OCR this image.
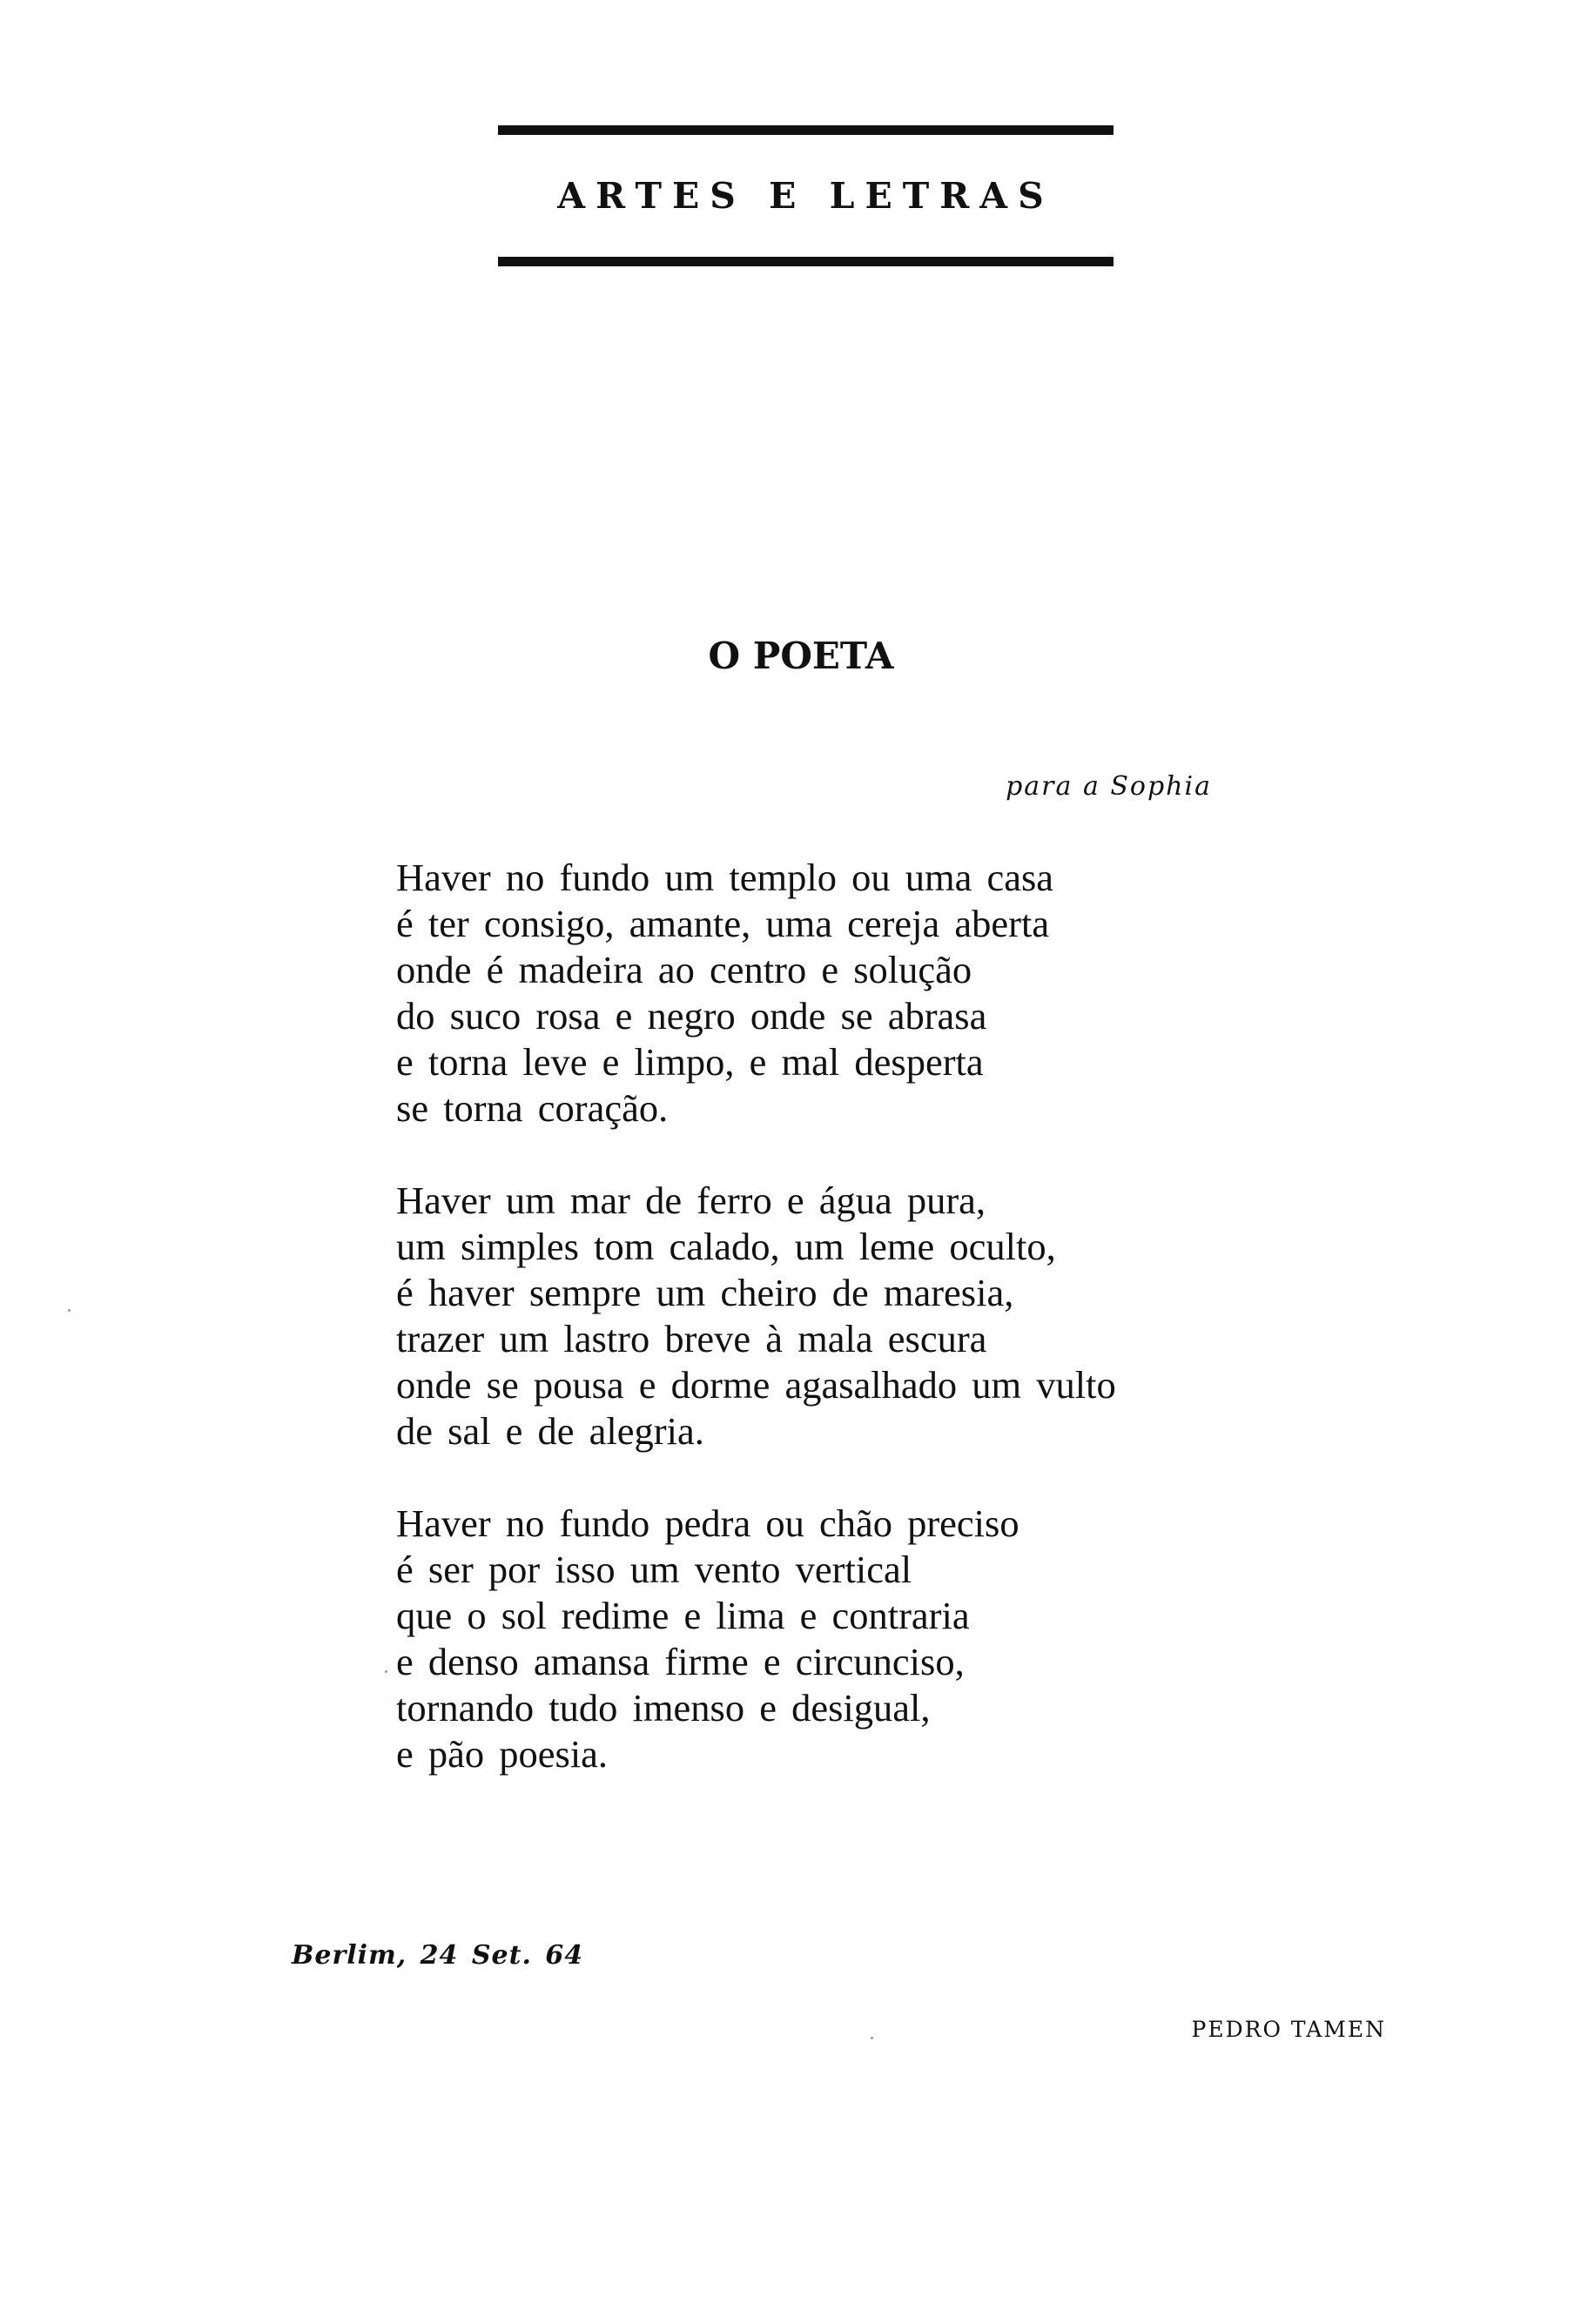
ARTES E LETRAS
O POETA
para a Sophia
Haver no fundo um templo ou uma casa
é ter consigo, amante, uma cereja aberta
onde é madeira ao centro e solução
do suco rosa e negro onde se abrasa
e torna leve e limpo, e mal desperta
se torna coração.
Haver um mar de ferro e água pura,
um simples tom calado, um leme oculto,
é haver sempre um cheiro de maresia,
trazer um lastro breve à mala escura
onde se pousa e dorme agasalhado um vulto
de sal e de alegria.
Haver no fundo pedra ou chão preciso
é ser por isso um vento vertical
que o sol redime e lima e contraria
e denso amansa firme e circunciso,
tornando tudo imenso e desigual,
e pão poesia.
Berlim, 24 Set. 64
PEDRO TAMEN
